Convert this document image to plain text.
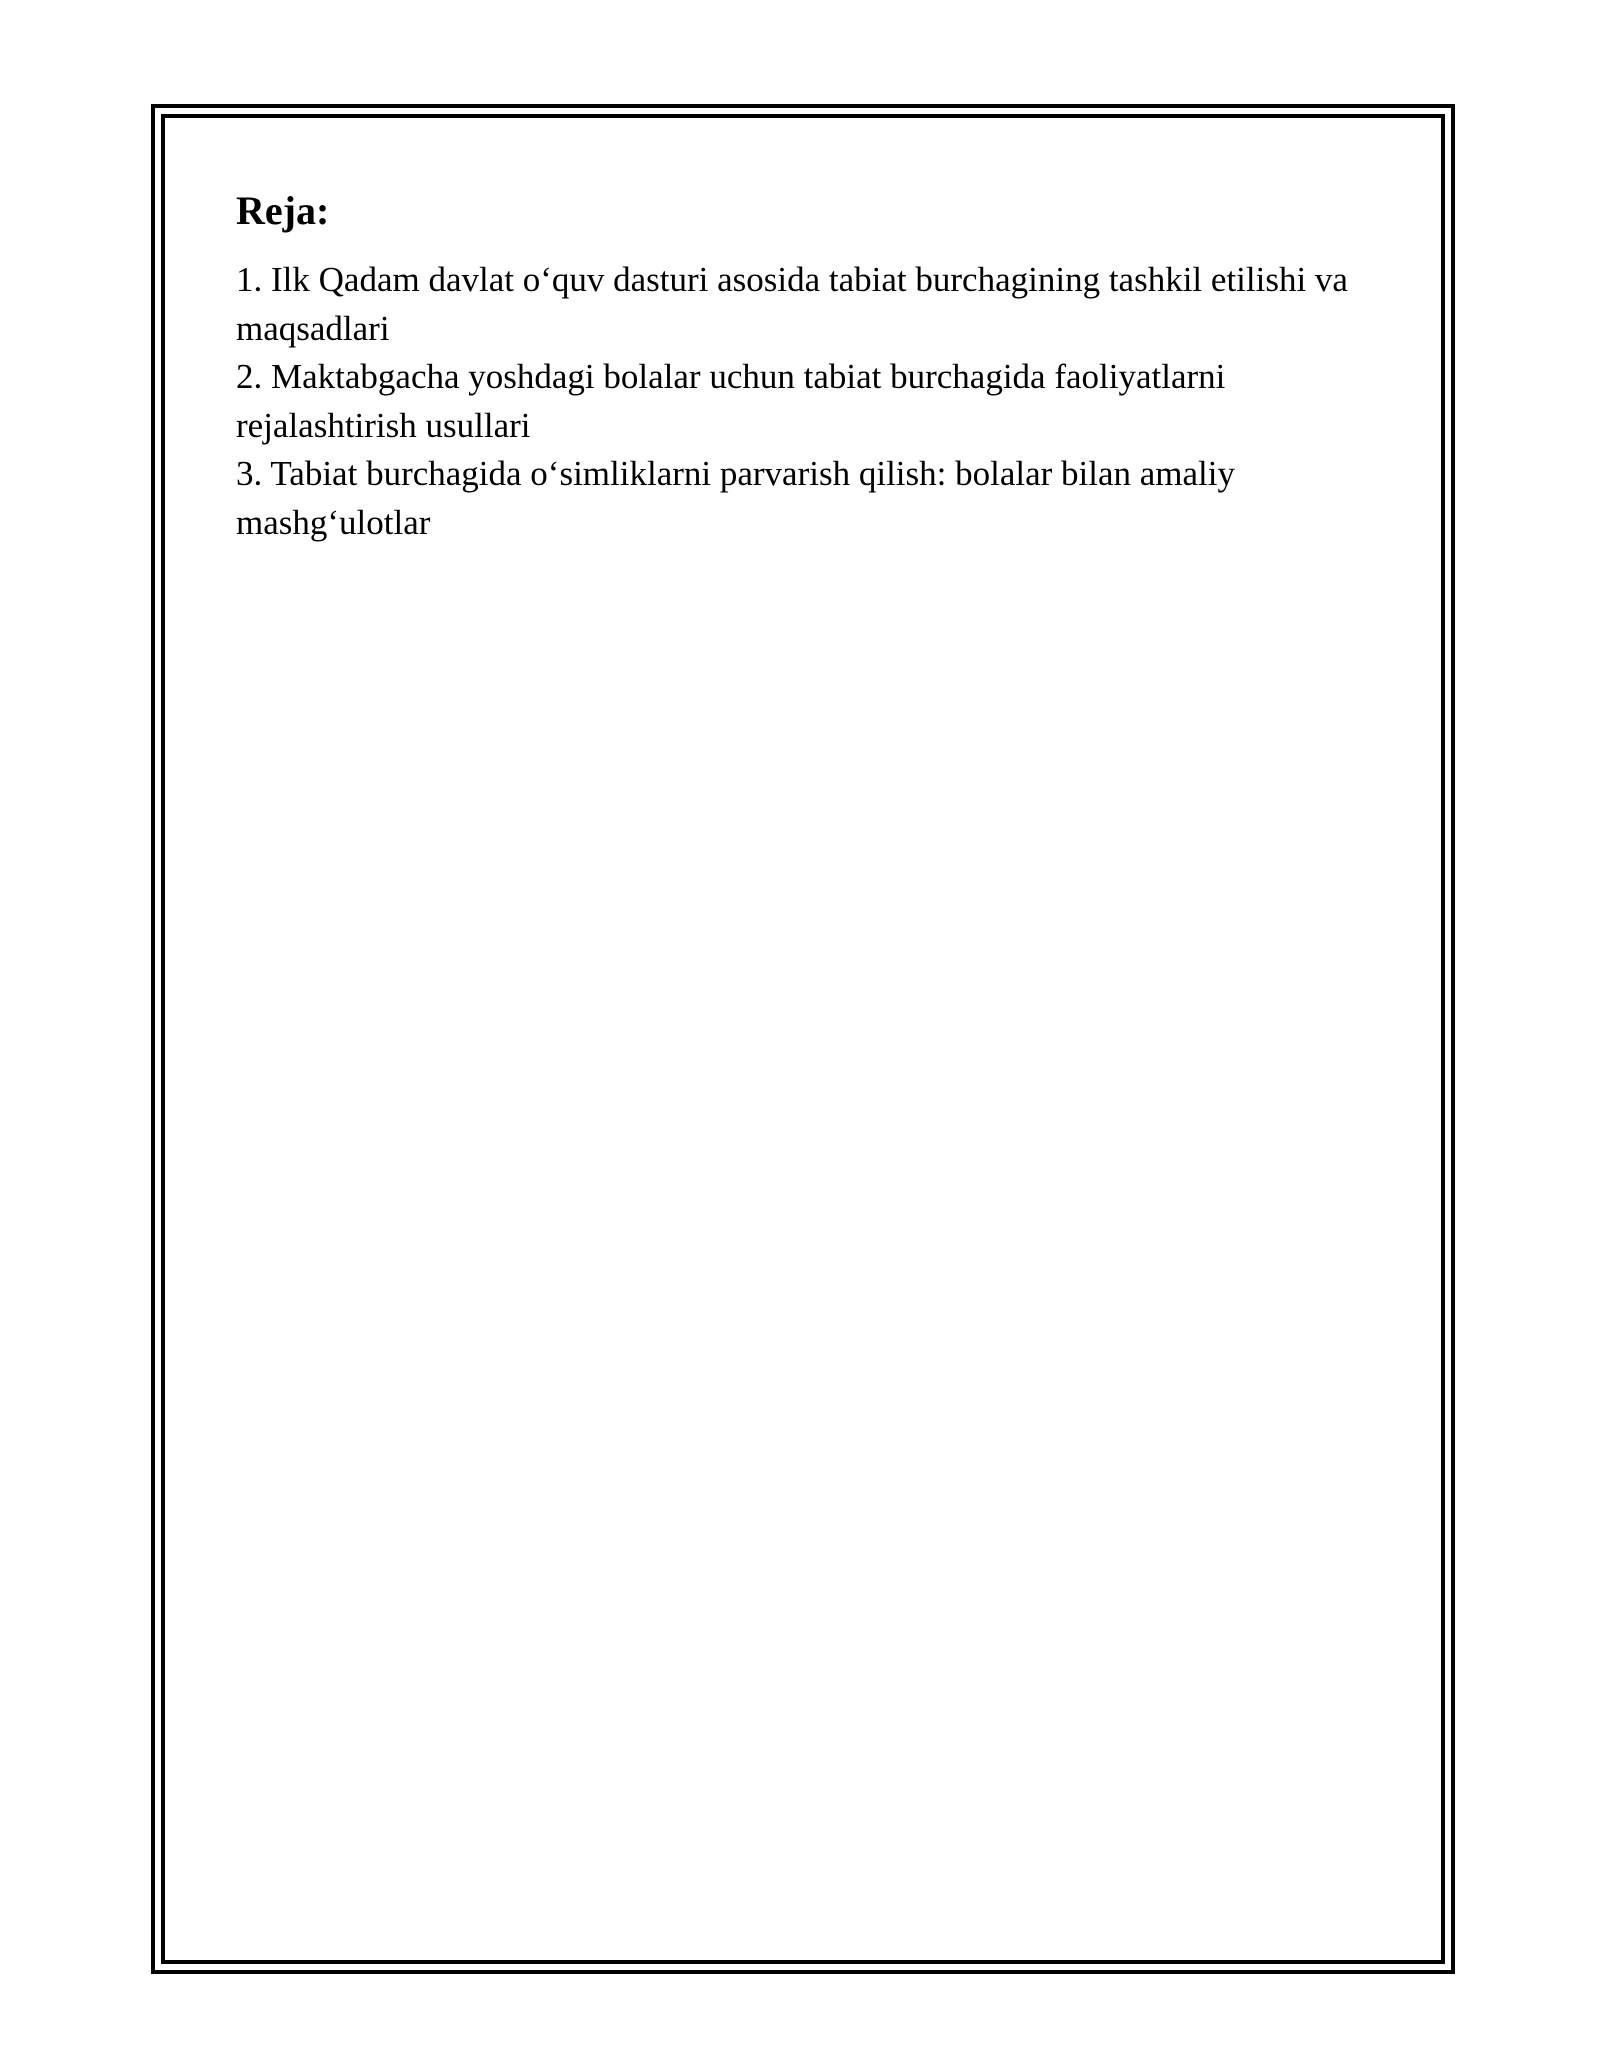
Reja:
1. Ilk Qadam davlat o‘quv dasturi asosida tabiat burchagining tashkil etilishi va maqsadlari
2. Maktabgacha yoshdagi bolalar uchun tabiat burchagida faoliyatlarni rejalashtirish usullari
3. Tabiat burchagida o‘simliklarni parvarish qilish: bolalar bilan amaliy mashg‘ulotlar
